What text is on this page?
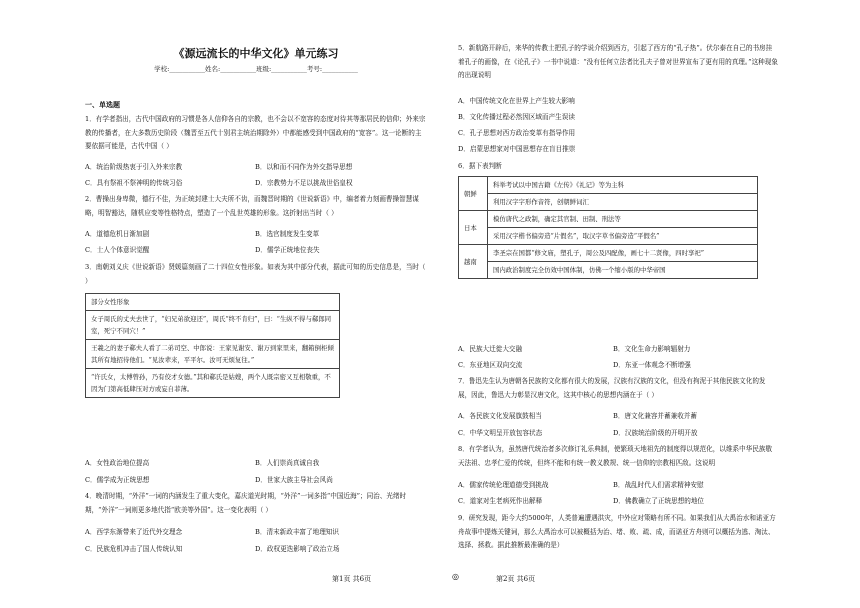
《源远流长的中华文化》单元练习
学校:___________姓名:___________班级:___________考号:___________
一、单选题
1．有学者指出，古代中国政府的习惯是各人信仰各自的宗教，也不会以不宽容的态度对待其等那居民的信仰；外来宗教的传播者，在大多数历史阶段（魏晋至五代十别君主统治期除外）中都能感受到中国政府的“宽容”。这一论断的主要依据可能是，古代中国（ ）
A．统治阶级热衷于引入外来宗教	B．以和而不同作为外交指导思想
C．具有祭祖不祭神明的传统习俗	D．宗教势力不足以挑战世俗皇权
2．曹操出身卑微，德行不佳，为正统封建士大夫所不齿，而魏晋时期的《世说新语》中，编者着力刻画曹操智慧谋略，明智豁达，随机应变等性格特点，塑造了一个乱世英雄的形象。这折射出当时（ ）
A．道德危机日渐加剧	B．选官制度发生变革
C．士人个体意识觉醒	D．儒学正统地位丧失
3．南朝刘义庆《世说新语》贤媛篇刻画了二十四位女性形象。如表为其中部分代表，据此可知的历史信息是，当时（ ）
部分女性形象
女子周氏的丈夫去世了，“妇兄弟欲迎还”，周氏“终不肯归”，曰：“生纵不得与郗郎同室，死宁不同穴！”
王羲之的妻子郗夫人看了二弟司空、中郎说：王家见谢安、谢万到家里来，翻箱倒柜倾其所有地招待他们。“见汝辈来，平平尔。汝可无烦复往。”
“许氏女，太傅曾孙，乃有佼才女德。”其和郗氏是姑嫂，两个人既宗密又互相敬重，不因为门第高低肆压对方或妄自菲薄。
A．女性政治地位提高	B．人们崇尚真诚自我
C．儒学成为正统思想	D．世家大族主导社会风尚
4．晚清时期，“外洋”一词的内涵发生了重大变化，嘉庆道光时期，“外洋”一词多指“中国近海”；同治、光绪时期，“外洋”一词则更多地代指“欧美等外国”。这一变化表明（ ）
A．西学东渐带来了近代外交理念	B．清末新政丰富了地理知识
C．民族危机冲击了国人传统认知	D．政权更迭影响了政治立场
第1页 共6页	◎
5．新航路开辟后，来华的传教士把孔子的学说介绍到西方，引起了西方的“孔子热”。伏尔泰在自己的书房挂着孔子的画像，在《论孔子》一书中说道：“没有任何立法者比孔夫子曾对世界宣布了更有用的真理。”这种现象的出现说明
A．中国传统文化在世界上产生较大影响
B．文化传播过程必然因区域而产生误读
C．孔子思想对西方政治变革有指导作用
D．启蒙思想家对中国思想存在盲目推崇
6．据下表判断
朝鲜	科举考试以中国古籍《左传》《礼记》等为主科
	利用汉字字形作音符，创朝鲜词汇
日本	模仿唐代之政制，确定其官制、田制、刑法等
	采用汉字楷书偏旁造“片假名”，取汉字草书偏旁造“平假名”
越南	李圣宗在国都“修文庙，塑孔子，周公及四配像，画七十二贤像，四时享祀”
	国内政治制度完全仿效中国体制，仿佛一个缩小版的中华帝国
A．民族大迁徙大交融	B．文化生命力影响辐射力
C．东亚地区双向交流	D．东亚一体观念不断增强
7．鲁迅先生认为唐朝各民族的文化都有很大的发展，汉族有汉族的文化，但没有拘泥于其他民族文化的发展，因此，鲁迅大力彰显汉唐文化，这其中核心的思想内涵在于（ ）
A．各民族文化发展旗鼓相当	B．唐文化兼容并蓄兼收并蓄
C．中华文明呈开放包容状态	D．汉族统治阶级的开明开放
8．有学者认为，虽然唐代统治者多次修订礼乐典制，使繁琐天地祖先的制度得以规范化，以维系中华民族敬天法祖、忠孝仁爱的传统，但终不能和有统一教义教规、统一信仰的宗教相匹敌。这说明
A．儒家传统伦理道德受到挑战	B．战乱时代人们需求精神安慰
C．道家对生老病死作出解释	D．佛教确立了正统思想的地位
9．研究发现，距今大约5000年，人类普遍遭遇洪灾，中外应对策略有所不同。如果我们从大禹治水和诺亚方舟故事中提炼关键词，那么大禹治水可以被概括为治、堵、败、疏、成，而诺亚方舟则可以概括为逃、淘汰、选择、拯救。据此推断最准确的是）
第2页 共6页
